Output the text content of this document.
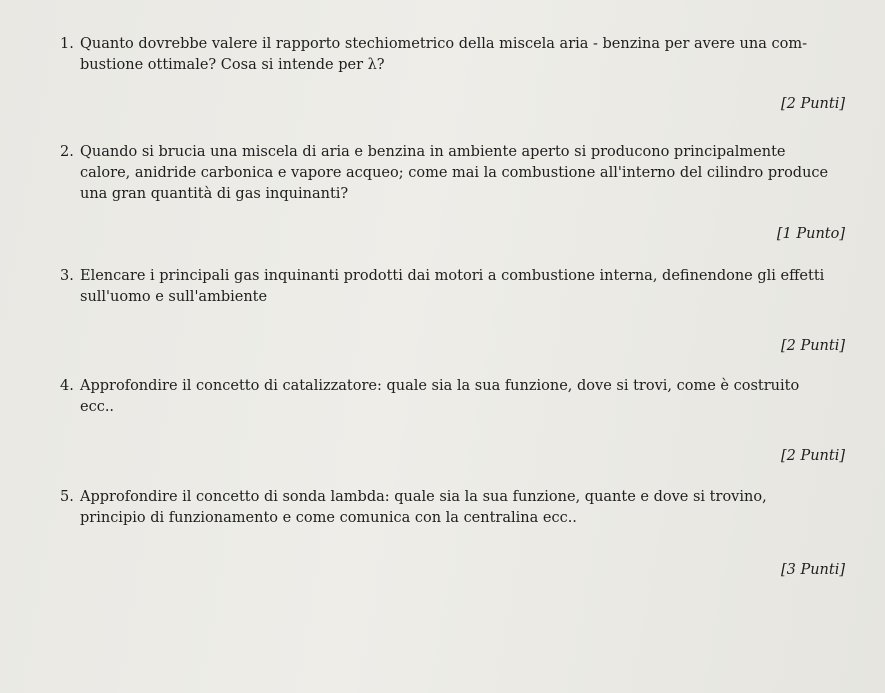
1. Quanto dovrebbe valere il rapporto stechiometrico della miscela aria - benzina per avere una com-
bustione ottimale? Cosa si intende per λ?
[2 Punti]
2. Quando si brucia una miscela di aria e benzina in ambiente aperto si producono principalmente
calore, anidride carbonica e vapore acqueo; come mai la combustione all'interno del cilindro produce
una gran quantità di gas inquinanti?
[1 Punto]
3. Elencare i principali gas inquinanti prodotti dai motori a combustione interna, definendone gli effetti
sull'uomo e sull'ambiente
[2 Punti]
4. Approfondire il concetto di catalizzatore: quale sia la sua funzione, dove si trovi, come è costruito
ecc..
[2 Punti]
5. Approfondire il concetto di sonda lambda: quale sia la sua funzione, quante e dove si trovino,
principio di funzionamento e come comunica con la centralina ecc..
[3 Punti]
